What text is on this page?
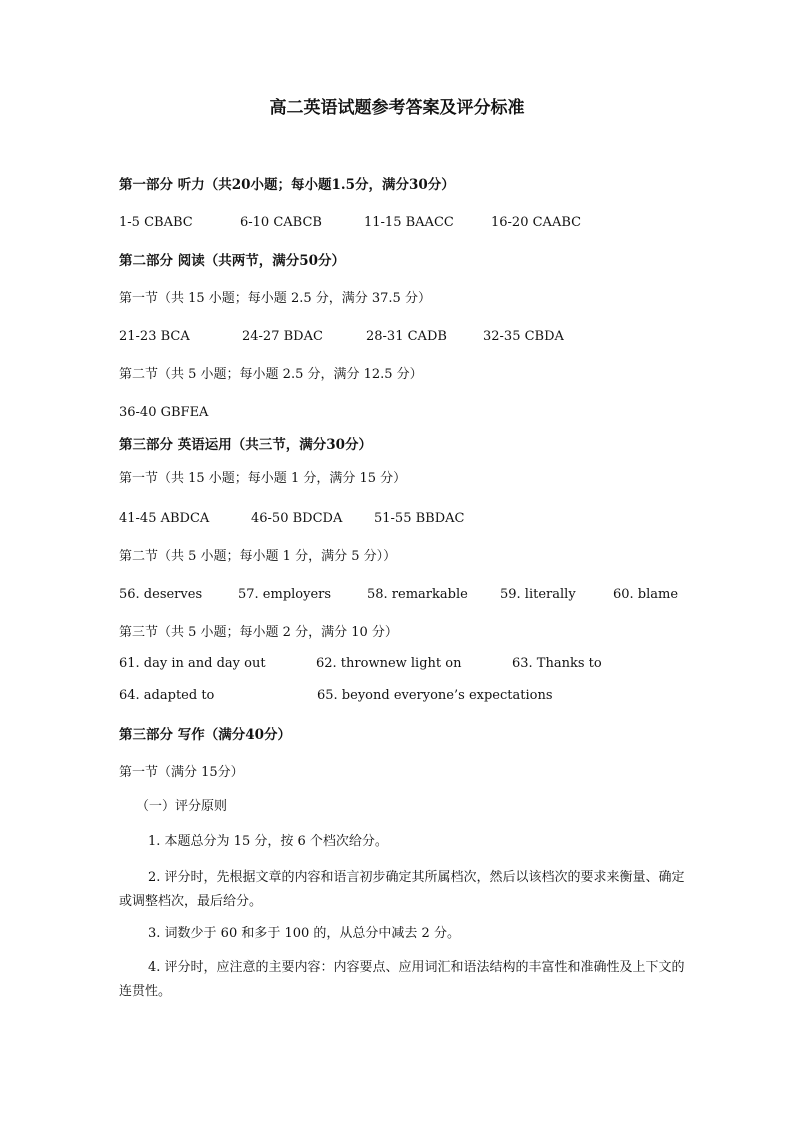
高二英语试题参考答案及评分标准
第一部分 听力（共20小题；每小题1.5分，满分30分）
1-5 CBABC	6-10 CABCB	11-15 BAACC	16-20 CAABC
第二部分 阅读（共两节，满分50分）
第一节（共 15 小题；每小题 2.5 分，满分 37.5 分）
21-23 BCA	24-27 BDAC	28-31 CADB	32-35 CBDA
第二节（共 5 小题；每小题 2.5 分，满分 12.5 分）
36-40 GBFEA
第三部分 英语运用（共三节，满分30分）
第一节（共 15 小题；每小题 1 分，满分 15 分）
41-45 ABDCA	46-50 BDCDA 51-55 BBDAC
第二节（共 5 小题；每小题 1 分，满分 5 分））
56. deserves	57. employers	58. remarkable 59. literally	60. blame
第三节（共 5 小题；每小题 2 分，满分 10 分）
61. day in and day out	62. thrownew light on	63. Thanks to
64. adapted to	65. beyond everyone’s expectations
第三部分 写作（满分40分）
第一节（满分 15分）
（一）评分原则
1. 本题总分为 15 分，按 6 个档次给分。
2. 评分时，先根据文章的内容和语言初步确定其所属档次，然后以该档次的要求来衡量、确定或调整档次，最后给分。
3. 词数少于 60 和多于 100 的，从总分中减去 2 分。
4. 评分时，应注意的主要内容：内容要点、应用词汇和语法结构的丰富性和准确性及上下文的连贯性。
